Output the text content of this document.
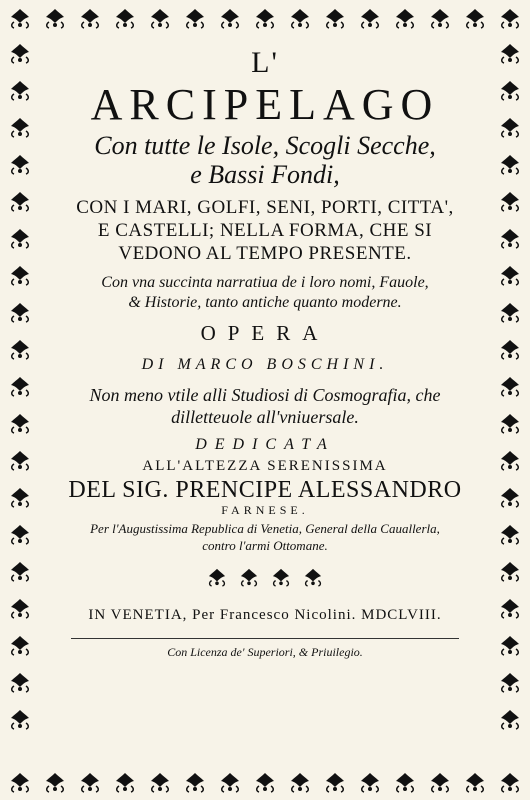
L'
ARCIPELAGO
Con tutte le Isole, Scogli Secche,
e Bassi Fondi,
CON I MARI, GOLFI, SENI, PORTI, CITTA',
E CASTELLI; NELLA FORMA, CHE SI
VEDONO AL TEMPO PRESENTE.
Con vna succinta narratiua de i loro nomi, Fauole,
& Historie, tanto antiche quanto moderne.
OPERA
DI MARCO BOSCHINI.
Non meno vtile alli Studiosi di Cosmografia, che
dilletteuole all'vniuersale.
DEDICATA
ALL'ALTEZZA SERENISSIMA
DEL SIG. PRENCIPE ALESSANDRO
FARNESE.
Per l'Augustissima Republica di Venetia, General della Cauallerla,
contro l'armi Ottomane.
IN VENETIA, Per Francesco Nicolini. MDCLVIII.
Con Licenza de' Superiori, & Priuilegio.
